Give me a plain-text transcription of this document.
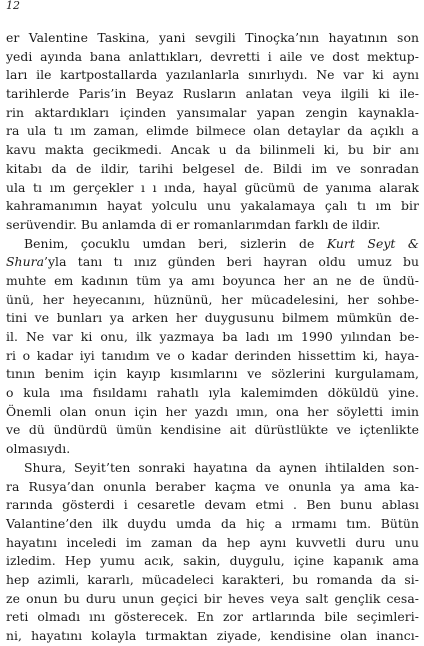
12
er Valentine Taskina, yani sevgili Tinoçka’nın hayatının son
yedi ayında bana anlattıkları, devretti i aile ve dost mektup-
ları ile kartpostallarda yazılanlarla sınırlıydı. Ne var ki aynı
tarihlerde Paris’in Beyaz Rusların anlatan veya ilgili ki ile-
rin aktardıkları içinden yansımalar yapan zengin kaynakla-
ra ula tı ım zaman, elimde bilmece olan detaylar da açıklı a
kavu makta gecikmedi. Ancak u da bilinmeli ki, bu bir anı
kitabı da de ildir, tarihi belgesel de. Bildi im ve sonradan
ula tı ım gerçekler ı ı ında, hayal gücümü de yanıma alarak
kahramanımın hayat yolculu unu yakalamaya çalı tı ım bir
serüvendir. Bu anlamda di er romanlarımdan farklı de ildir.
Benim, çocuklu umdan beri, sizlerin de Kurt Seyt &
Shura’yla tanı tı ınız günden beri hayran oldu umuz bu
muhte em kadının tüm ya amı boyunca her an ne de ündü-
ünü, her heyecanını, hüznünü, her mücadelesini, her sohbe-
tini ve bunları ya arken her duygusunu bilmem mümkün de-
il. Ne var ki onu, ilk yazmaya ba ladı ım 1990 yılından be-
ri o kadar iyi tanıdım ve o kadar derinden hissettim ki, haya-
tının benim için kayıp kısımlarını ve sözlerini kurgulamam,
o kula ıma fısıldamı rahatlı ıyla kalemimden döküldü yine.
Önemli olan onun için her yazdı ımın, ona her söyletti imin
ve dü ündürdü ümün kendisine ait dürüstlükte ve içtenlikte
olmasıydı.
Shura, Seyit’ten sonraki hayatına da aynen ihtilalden son-
ra Rusya’dan onunla beraber kaçma ve onunla ya ama ka-
rarında gösterdi i cesaretle devam etmi . Ben bunu ablası
Valantine’den ilk duydu umda da hiç a ırmamı tım. Bütün
hayatını inceledi im zaman da hep aynı kuvvetli duru unu
izledim. Hep yumu acık, sakin, duygulu, içine kapanık ama
hep azimli, kararlı, mücadeleci karakteri, bu romanda da si-
ze onun bu duru unun geçici bir heves veya salt gençlik cesa-
reti olmadı ını gösterecek. En zor artlarında bile seçimleri-
ni, hayatını kolayla tırmaktan ziyade, kendisine olan inancı-
